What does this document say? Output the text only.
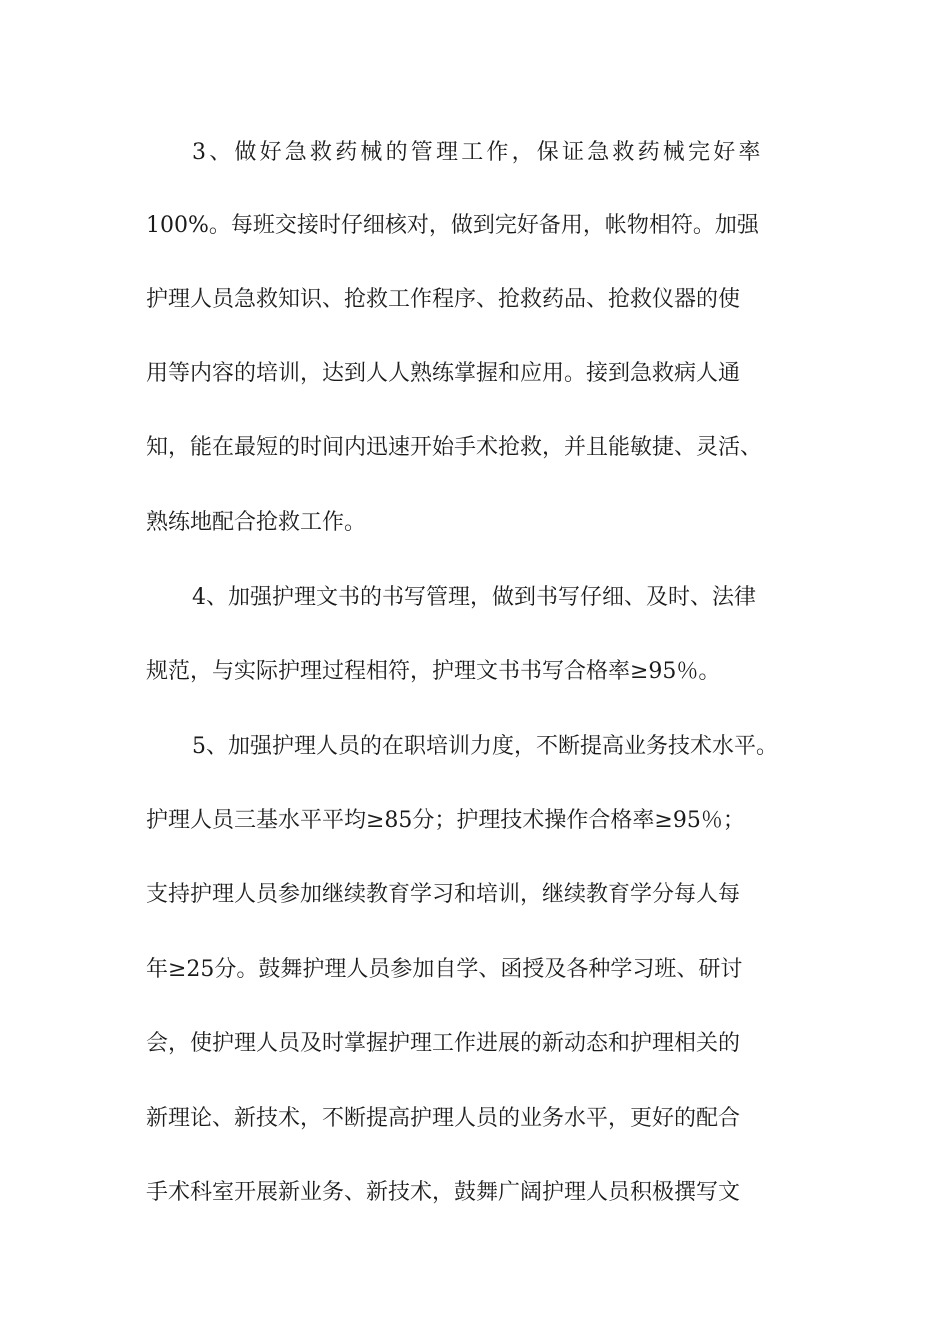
3、做好急救药械的管理工作，保证急救药械完好率
100%。每班交接时仔细核对，做到完好备用，帐物相符。加强
护理人员急救知识、抢救工作程序、抢救药品、抢救仪器的使
用等内容的培训，达到人人熟练掌握和应用。接到急救病人通
知，能在最短的时间内迅速开始手术抢救，并且能敏捷、灵活、
熟练地配合抢救工作。
4、加强护理文书的书写管理，做到书写仔细、及时、法律
规范，与实际护理过程相符，护理文书书写合格率≥95％。
5、加强护理人员的在职培训力度，不断提高业务技术水平。
护理人员三基水平平均≥85分；护理技术操作合格率≥95％；
支持护理人员参加继续教育学习和培训，继续教育学分每人每
年≥25分。鼓舞护理人员参加自学、函授及各种学习班、研讨
会，使护理人员及时掌握护理工作进展的新动态和护理相关的
新理论、新技术，不断提高护理人员的业务水平，更好的配合
手术科室开展新业务、新技术，鼓舞广阔护理人员积极撰写文
